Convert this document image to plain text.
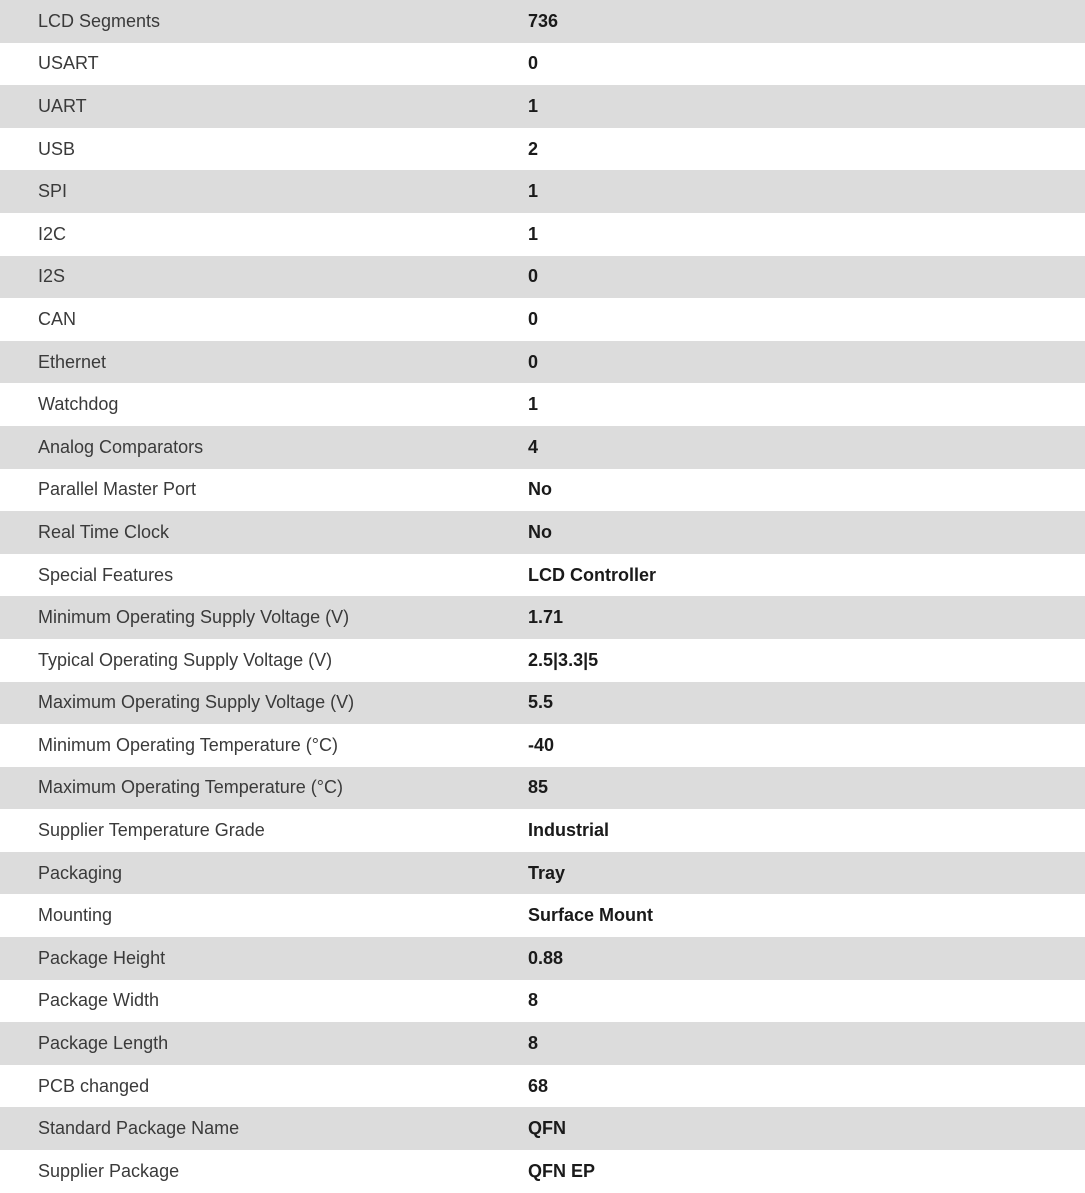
LCD Segments	736
USART	0
UART	1
USB	2
SPI	1
I2C	1
I2S	0
CAN	0
Ethernet	0
Watchdog	1
Analog Comparators	4
Parallel Master Port	No
Real Time Clock	No
Special Features	LCD Controller
Minimum Operating Supply Voltage (V)	1.71
Typical Operating Supply Voltage (V)	2.5|3.3|5
Maximum Operating Supply Voltage (V)	5.5
Minimum Operating Temperature (°C)	-40
Maximum Operating Temperature (°C)	85
Supplier Temperature Grade	Industrial
Packaging	Tray
Mounting	Surface Mount
Package Height	0.88
Package Width	8
Package Length	8
PCB changed	68
Standard Package Name	QFN
Supplier Package	QFN EP
